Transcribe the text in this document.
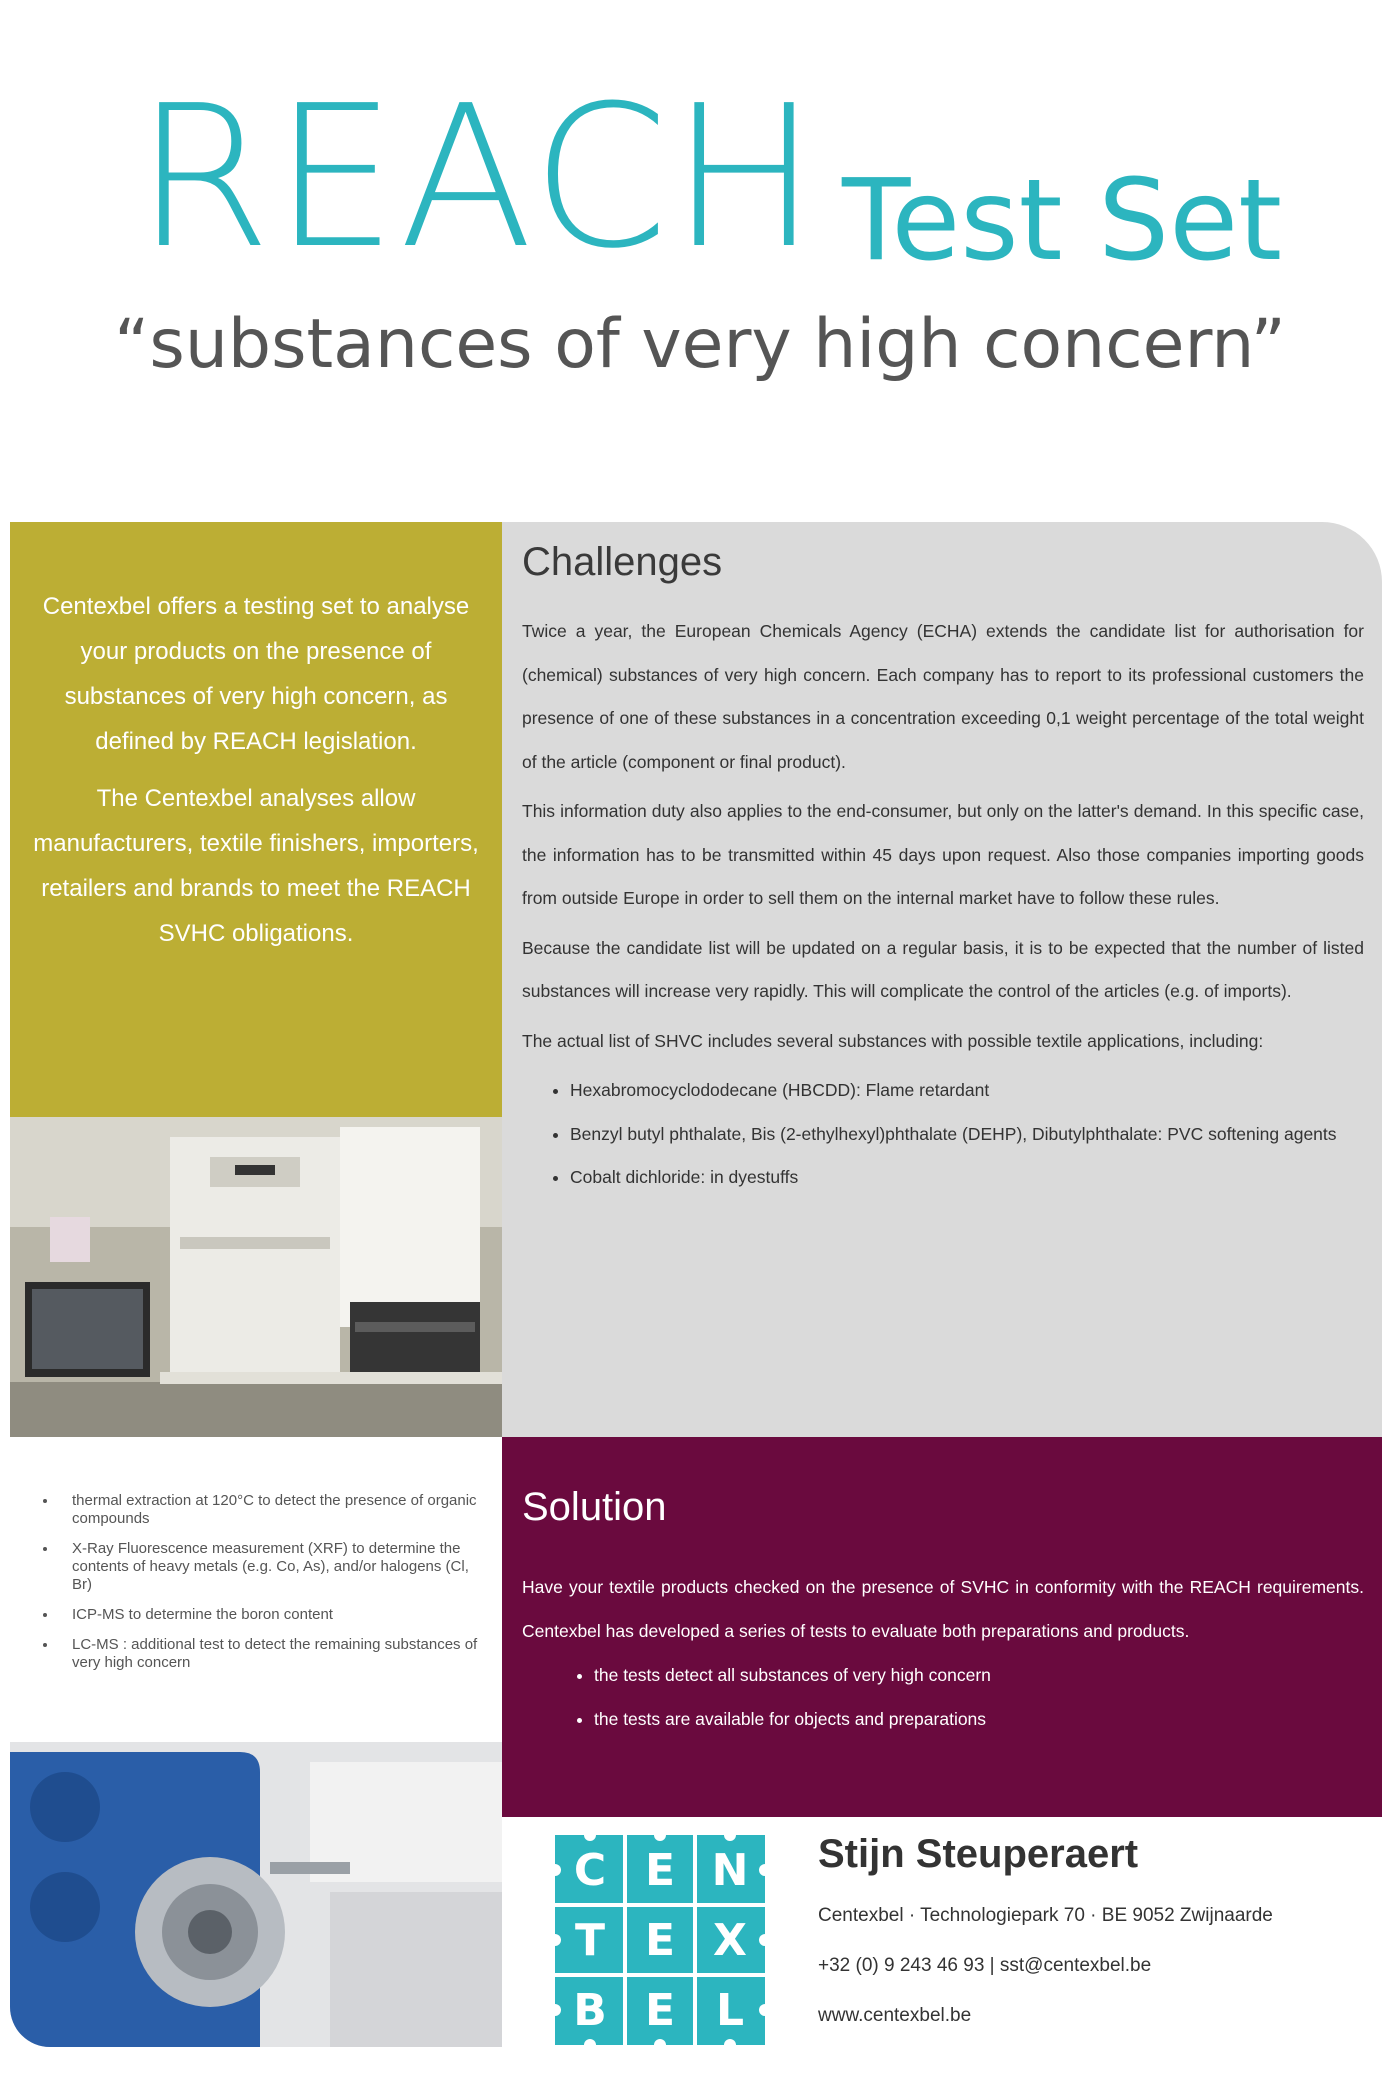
REACH Test Set
“substances of very high concern”

Centexbel offers a testing set to analyse your products on the presence of substances of very high concern, as defined by REACH legislation.

The Centexbel analyses allow manufacturers, textile finishers, importers, retailers and brands to meet the REACH SVHC obligations.

Challenges

Twice a year, the European Chemicals Agency (ECHA) extends the candidate list for authorisation for (chemical) substances of very high concern. Each company has to report to its professional customers the presence of one of these substances in a concentration exceeding 0,1 weight percentage of the total weight of the article (component or final product).

This information duty also applies to the end-consumer, but only on the latter's demand. In this specific case, the information has to be transmitted within 45 days upon request. Also those companies importing goods from outside Europe in order to sell them on the internal market have to follow these rules.

Because the candidate list will be updated on a regular basis, it is to be expected that the number of listed substances will increase very rapidly. This will complicate the control of the articles (e.g. of imports).

The actual list of SHVC includes several substances with possible textile applications, including:

• Hexabromocyclododecane (HBCDD): Flame retardant
• Benzyl butyl phthalate, Bis (2-ethylhexyl)phthalate (DEHP), Dibutylphthalate: PVC softening agents
• Cobalt dichloride: in dyestuffs
• thermal extraction at 120°C to detect the presence of organic compounds
• X-Ray Fluorescence measurement (XRF) to determine the contents of heavy metals (e.g. Co, As), and/or halogens (Cl, Br)
• ICP-MS to determine the boron content
• LC-MS : additional test to detect the remaining substances of very high concern
Solution

Have your textile products checked on the presence of SVHC in conformity with the REACH requirements. Centexbel has developed a series of tests to evaluate both preparations and products.

• the tests detect all substances of very high concern
• the tests are available for objects and preparations
C E N
T E X
B E L
Stijn Steuperaert
Centexbel · Technologiepark 70 · BE 9052 Zwijnaarde
+32 (0) 9 243 46 93 | sst@centexbel.be
www.centexbel.be
